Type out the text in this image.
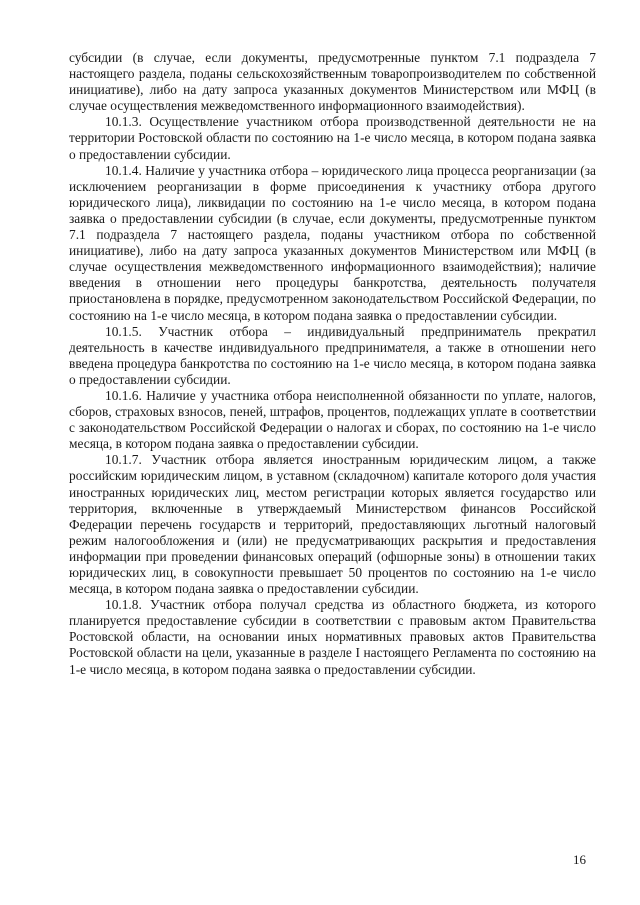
субсидии (в случае, если документы, предусмотренные пунктом 7.1 подраздела 7 настоящего раздела, поданы сельскохозяйственным товаропроизводителем по собственной инициативе), либо на дату запроса указанных документов Министерством или МФЦ (в случае осуществления межведомственного информационного взаимодействия).

10.1.3. Осуществление участником отбора производственной деятельности не на территории Ростовской области по состоянию на 1-е число месяца, в котором подана заявка о предоставлении субсидии.

10.1.4. Наличие у участника отбора – юридического лица процесса реорганизации (за исключением реорганизации в форме присоединения к участнику отбора другого юридического лица), ликвидации по состоянию на 1-е число месяца, в котором подана заявка о предоставлении субсидии (в случае, если документы, предусмотренные пунктом 7.1 подраздела 7 настоящего раздела, поданы участником отбора по собственной инициативе), либо на дату запроса указанных документов Министерством или МФЦ (в случае осуществления межведомственного информационного взаимодействия); наличие введения в отношении него процедуры банкротства, деятельность получателя приостановлена в порядке, предусмотренном законодательством Российской Федерации, по состоянию на 1-е число месяца, в котором подана заявка о предоставлении субсидии.

10.1.5. Участник отбора – индивидуальный предприниматель прекратил деятельность в качестве индивидуального предпринимателя, а также в отношении него введена процедура банкротства по состоянию на 1-е число месяца, в котором подана заявка о предоставлении субсидии.

10.1.6. Наличие у участника отбора неисполненной обязанности по уплате, налогов, сборов, страховых взносов, пеней, штрафов, процентов, подлежащих уплате в соответствии с законодательством Российской Федерации о налогах и сборах, по состоянию на 1-е число месяца, в котором подана заявка о предоставлении субсидии.

10.1.7. Участник отбора является иностранным юридическим лицом, а также российским юридическим лицом, в уставном (складочном) капитале которого доля участия иностранных юридических лиц, местом регистрации которых является государство или территория, включенные в утверждаемый Министерством финансов Российской Федерации перечень государств и территорий, предоставляющих льготный налоговый режим налогообложения и (или) не предусматривающих раскрытия и предоставления информации при проведении финансовых операций (офшорные зоны) в отношении таких юридических лиц, в совокупности превышает 50 процентов по состоянию на 1-е число месяца, в котором подана заявка о предоставлении субсидии.

10.1.8. Участник отбора получал средства из областного бюджета, из которого планируется предоставление субсидии в соответствии с правовым актом Правительства Ростовской области, на основании иных нормативных правовых актов Правительства Ростовской области на цели, указанные в разделе I настоящего Регламента по состоянию на 1-е число месяца, в котором подана заявка о предоставлении субсидии.

16
